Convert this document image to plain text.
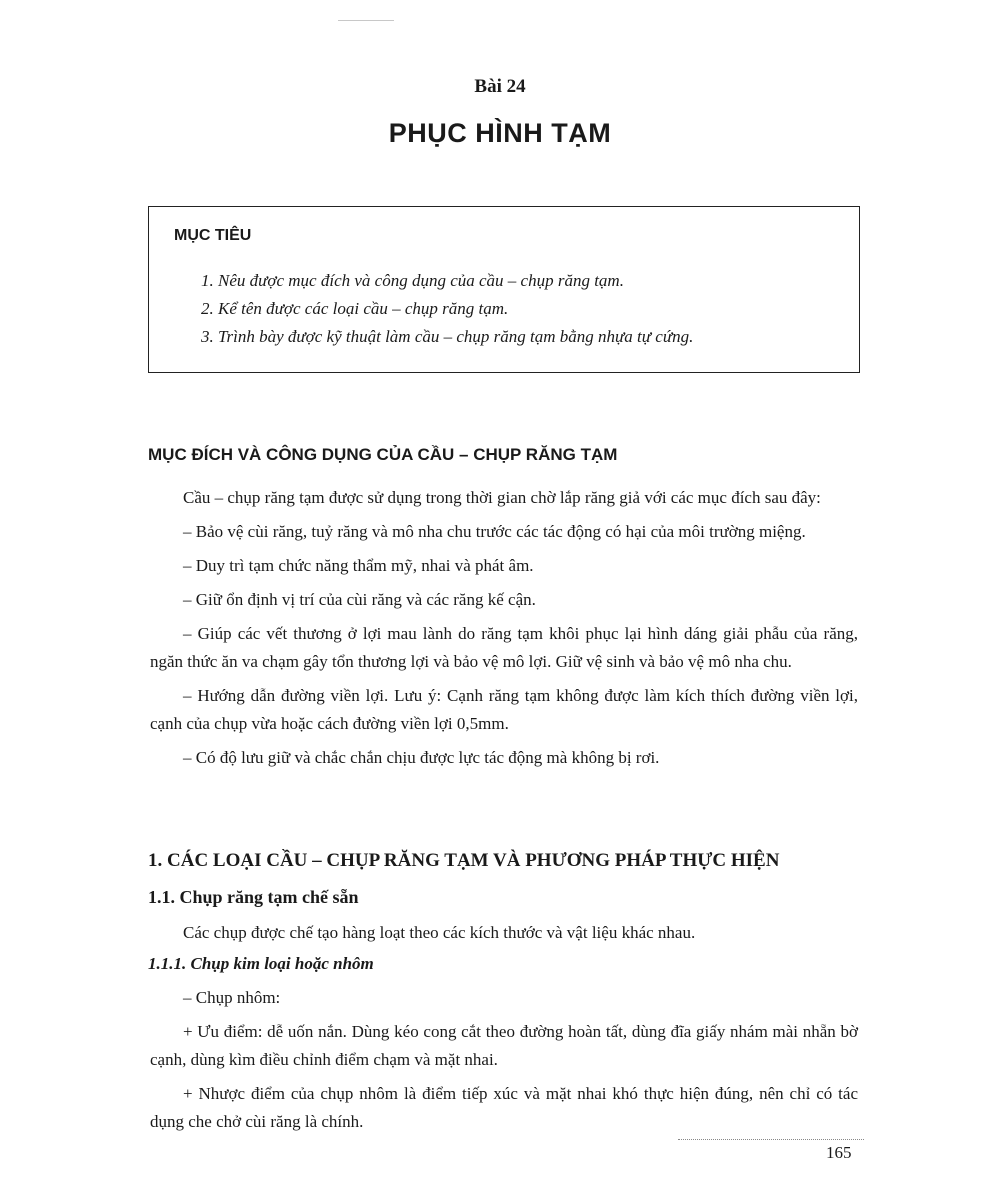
Bài 24
PHỤC HÌNH TẠM
MỤC TIÊU
1. Nêu được mục đích và công dụng của cầu – chụp răng tạm.
2. Kể tên được các loại cầu – chụp răng tạm.
3. Trình bày được kỹ thuật làm cầu – chụp răng tạm bằng nhựa tự cứng.
MỤC ĐÍCH VÀ CÔNG DỤNG CỦA CẦU – CHỤP RĂNG TẠM

Cầu – chụp răng tạm được sử dụng trong thời gian chờ lắp răng giả với các mục đích sau đây:

– Bảo vệ cùi răng, tuỷ răng và mô nha chu trước các tác động có hại của môi trường miệng.

– Duy trì tạm chức năng thẩm mỹ, nhai và phát âm.

– Giữ ổn định vị trí của cùi răng và các răng kế cận.

– Giúp các vết thương ở lợi mau lành do răng tạm khôi phục lại hình dáng giải phẫu của răng, ngăn thức ăn va chạm gây tổn thương lợi và bảo vệ mô lợi. Giữ vệ sinh và bảo vệ mô nha chu.

– Hướng dẫn đường viền lợi. Lưu ý: Cạnh răng tạm không được làm kích thích đường viền lợi, cạnh của chụp vừa hoặc cách đường viền lợi 0,5mm.

– Có độ lưu giữ và chắc chắn chịu được lực tác động mà không bị rơi.

1. CÁC LOẠI CẦU – CHỤP RĂNG TẠM VÀ PHƯƠNG PHÁP THỰC HIỆN
1.1. Chụp răng tạm chế sẵn

Các chụp được chế tạo hàng loạt theo các kích thước và vật liệu khác nhau.

1.1.1. Chụp kim loại hoặc nhôm

– Chụp nhôm:

+ Ưu điểm: dễ uốn nắn. Dùng kéo cong cắt theo đường hoàn tất, dùng đĩa giấy nhám mài nhẵn bờ cạnh, dùng kìm điều chỉnh điểm chạm và mặt nhai.

+ Nhược điểm của chụp nhôm là điểm tiếp xúc và mặt nhai khó thực hiện đúng, nên chỉ có tác dụng che chở cùi răng là chính.

165
